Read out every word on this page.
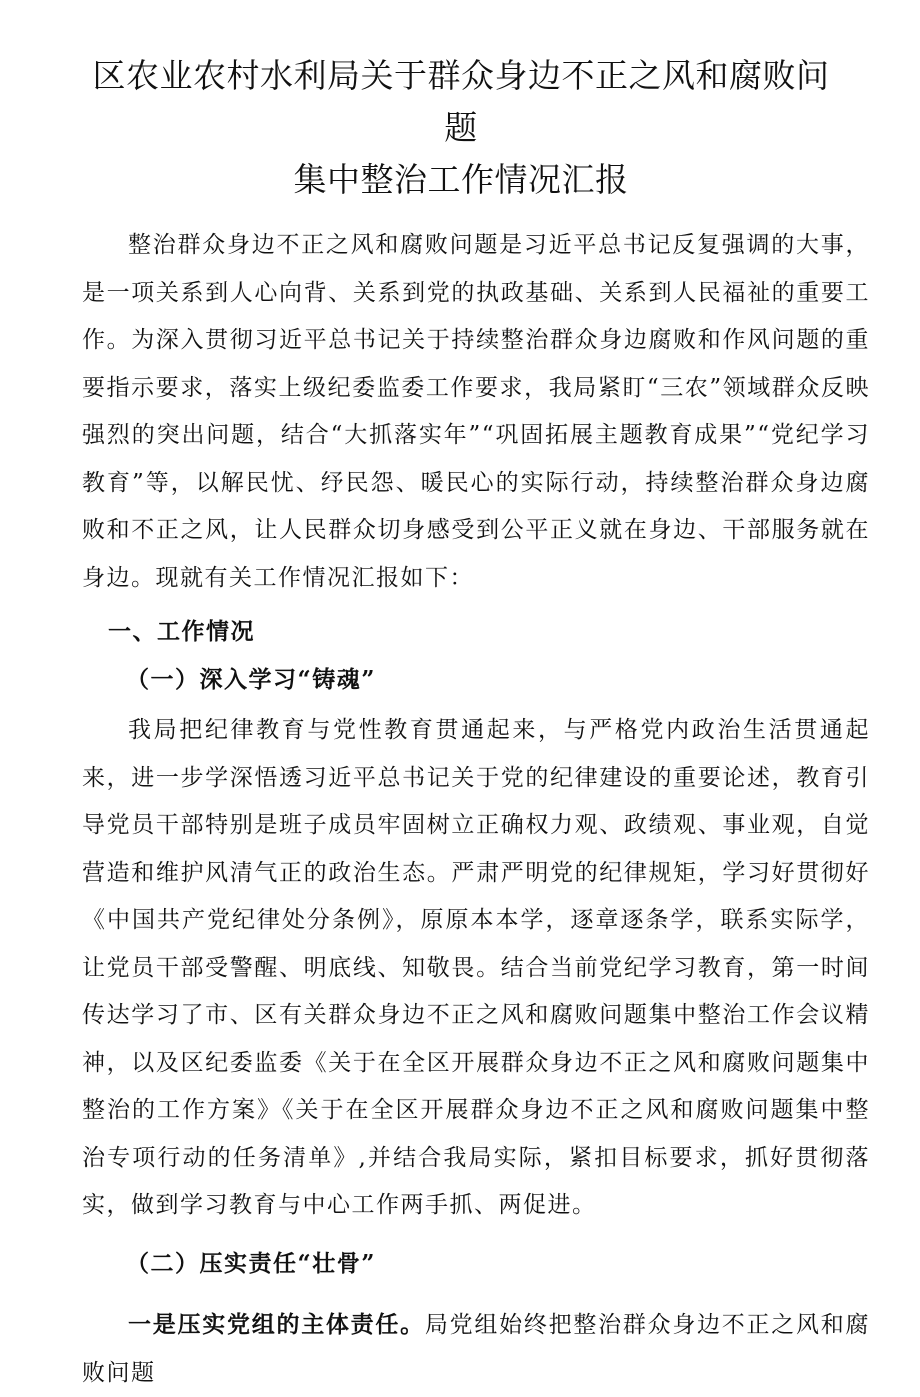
区农业农村水利局关于群众身边不正之风和腐败问题
集中整治工作情况汇报

整治群众身边不正之风和腐败问题是习近平总书记反复强调的大事，是一项关系到人心向背、关系到党的执政基础、关系到人民福祉的重要工作。为深入贯彻习近平总书记关于持续整治群众身边腐败和作风问题的重要指示要求，落实上级纪委监委工作要求，我局紧盯“三农”领域群众反映强烈的突出问题，结合“大抓落实年”“巩固拓展主题教育成果”“党纪学习教育”等，以解民忧、纾民怨、暖民心的实际行动，持续整治群众身边腐败和不正之风，让人民群众切身感受到公平正义就在身边、干部服务就在身边。现就有关工作情况汇报如下：

一、工作情况

（一）深入学习“铸魂”

我局把纪律教育与党性教育贯通起来，与严格党内政治生活贯通起来，进一步学深悟透习近平总书记关于党的纪律建设的重要论述，教育引导党员干部特别是班子成员牢固树立正确权力观、政绩观、事业观，自觉营造和维护风清气正的政治生态。严肃严明党的纪律规矩，学习好贯彻好《中国共产党纪律处分条例》，原原本本学，逐章逐条学，联系实际学，让党员干部受警醒、明底线、知敬畏。结合当前党纪学习教育，第一时间传达学习了市、区有关群众身边不正之风和腐败问题集中整治工作会议精神，以及区纪委监委《关于在全区开展群众身边不正之风和腐败问题集中整治的工作方案》《关于在全区开展群众身边不正之风和腐败问题集中整治专项行动的任务清单》,并结合我局实际，紧扣目标要求，抓好贯彻落实，做到学习教育与中心工作两手抓、两促进。

（二）压实责任“壮骨”

一是压实党组的主体责任。局党组始终把整治群众身边不正之风和腐败问题
